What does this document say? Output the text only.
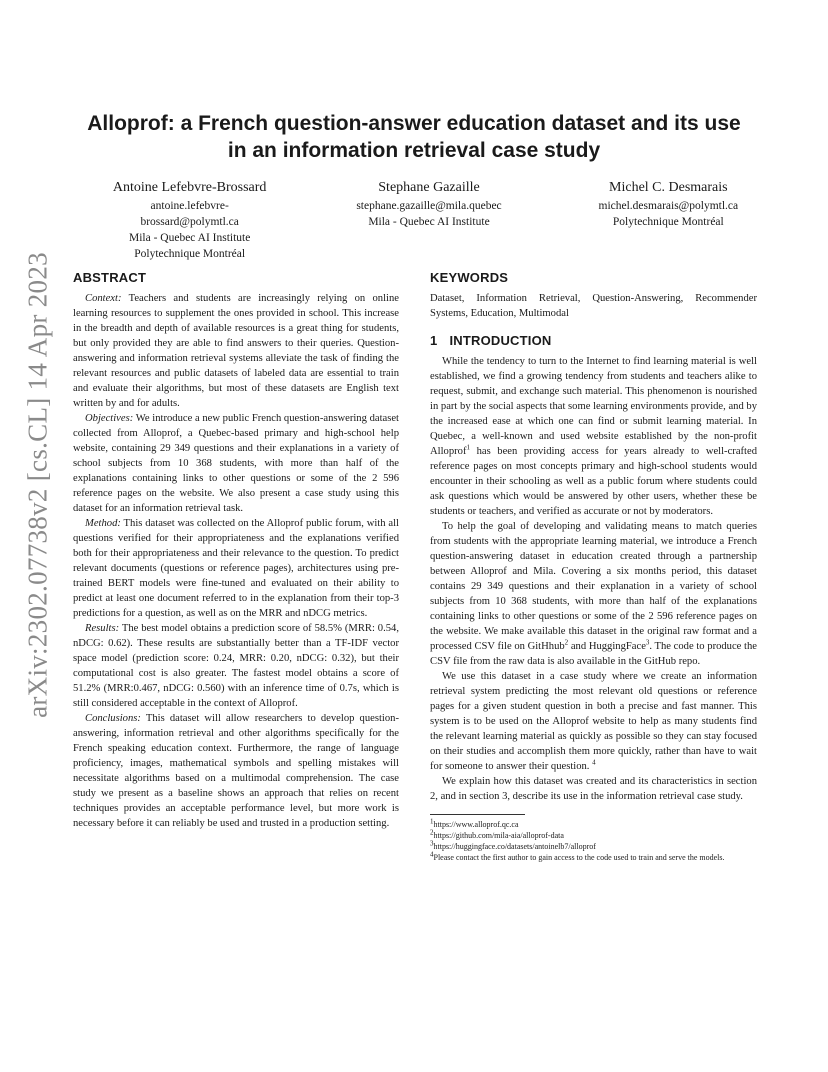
arXiv:2302.07738v2 [cs.CL] 14 Apr 2023
Alloprof: a French question-answer education dataset and its use
in an information retrieval case study
Antoine Lefebvre-Brossard
antoine.lefebvre-
brossard@polymtl.ca
Mila - Quebec AI Institute
Polytechnique Montréal
Stephane Gazaille
stephane.gazaille@mila.quebec
Mila - Quebec AI Institute
Michel C. Desmarais
michel.desmarais@polymtl.ca
Polytechnique Montréal
ABSTRACT

Context: Teachers and students are increasingly relying on online learning resources to supplement the ones provided in school. This increase in the breadth and depth of available resources is a great thing for students, but only provided they are able to find answers to their queries. Question-answering and information retrieval systems alleviate the task of finding the relevant resources and public datasets of labeled data are essential to train and evaluate their algorithms, but most of these datasets are English text written by and for adults.

Objectives: We introduce a new public French question-answering dataset collected from Alloprof, a Quebec-based primary and high-school help website, containing 29 349 questions and their explanations in a variety of school subjects from 10 368 students, with more than half of the explanations containing links to other questions or some of the 2 596 reference pages on the website. We also present a case study using this dataset for an information retrieval task.

Method: This dataset was collected on the Alloprof public forum, with all questions verified for their appropriateness and the explanations verified both for their appropriateness and their relevance to the question. To predict relevant documents (questions or reference pages), architectures using pre-trained BERT models were fine-tuned and evaluated on their ability to predict at least one document referred to in the explanation from their top-3 predictions for a question, as well as on the MRR and nDCG metrics.

Results: The best model obtains a prediction score of 58.5% (MRR: 0.54, nDCG: 0.62). These results are substantially better than a TF-IDF vector space model (prediction score: 0.24, MRR: 0.20, nDCG: 0.32), but their computational cost is also greater. The fastest model obtains a score of 51.2% (MRR:0.467, nDCG: 0.560) with an inference time of 0.7s, which is still considered acceptable in the context of Alloprof.

Conclusions: This dataset will allow researchers to develop question-answering, information retrieval and other algorithms specifically for the French speaking education context. Furthermore, the range of language proficiency, images, mathematical symbols and spelling mistakes will necessitate algorithms based on a multimodal comprehension. The case study we present as a baseline shows an approach that relies on recent techniques provides an acceptable performance level, but more work is necessary before it can reliably be used and trusted in a production setting.

KEYWORDS

Dataset, Information Retrieval, Question-Answering, Recommender Systems, Education, Multimodal

1 INTRODUCTION

While the tendency to turn to the Internet to find learning material is well established, we find a growing tendency from students and teachers alike to request, submit, and exchange such material. This phenomenon is nourished in part by the social aspects that some learning environments provide, and by the increased ease at which one can find or submit learning material. In Quebec, a well-known and used website established by the non-profit Alloprof$^1$ has been providing access for years already to well-crafted reference pages on most concepts primary and high-school students would encounter in their schooling as well as a public forum where students could ask questions which would be answered by other users, whether these be students or teachers, and verified as accurate or not by moderators.

To help the goal of developing and validating means to match queries from students with the appropriate learning material, we introduce a French question-answering dataset in education created through a partnership between Alloprof and Mila. Covering a six months period, this dataset contains 29 349 questions and their explanation in a variety of school subjects from 10 368 students, with more than half of the explanations containing links to other questions or some of the 2 596 reference pages on the website. We make available this dataset in the original raw format and a processed CSV file on GitHhub$^2$ and HuggingFace$^3$. The code to produce the CSV file from the raw data is also available in the GitHub repo.

We use this dataset in a case study where we create an information retrieval system predicting the most relevant old questions or reference pages for a given student question in both a precise and fast manner. This system is to be used on the Alloprof website to help as many students find the relevant learning material as quickly as possible so they can stay focused on their studies and accomplish them more quickly, rather than have to wait for someone to answer their question. $^4$

We explain how this dataset was created and its characteristics in section 2, and in section 3, describe its use in the information retrieval case study.

$^1$https://www.alloprof.qc.ca
$^2$https://github.com/mila-aia/alloprof-data
$^3$https://huggingface.co/datasets/antoinelb7/alloprof
$^4$Please contact the first author to gain access to the code used to train and serve the models.
